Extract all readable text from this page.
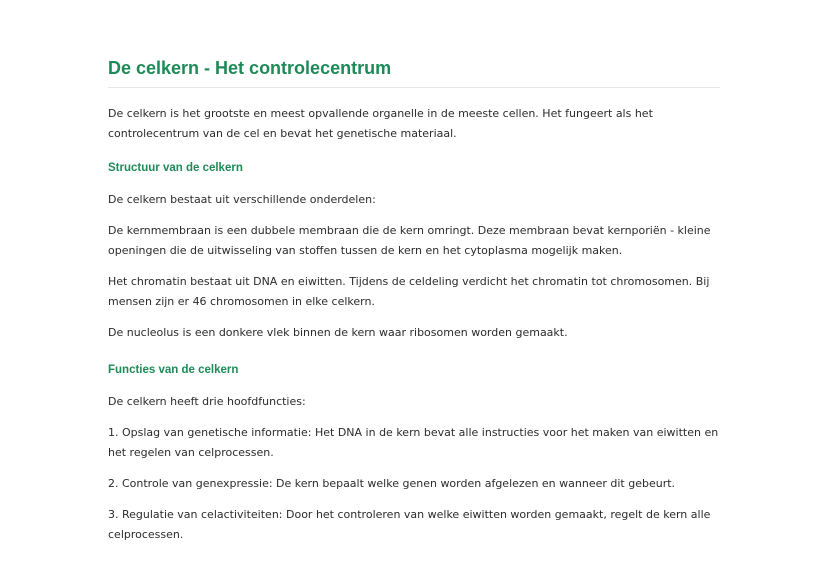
De celkern - Het controlecentrum

De celkern is het grootste en meest opvallende organelle in de meeste cellen. Het fungeert als het controlecentrum van de cel en bevat het genetische materiaal.

Structuur van de celkern

De celkern bestaat uit verschillende onderdelen:

De kernmembraan is een dubbele membraan die de kern omringt. Deze membraan bevat kernporiën - kleine openingen die de uitwisseling van stoffen tussen de kern en het cytoplasma mogelijk maken.

Het chromatin bestaat uit DNA en eiwitten. Tijdens de celdeling verdicht het chromatin tot chromosomen. Bij mensen zijn er 46 chromosomen in elke celkern.

De nucleolus is een donkere vlek binnen de kern waar ribosomen worden gemaakt.

Functies van de celkern

De celkern heeft drie hoofdfuncties:

1. Opslag van genetische informatie: Het DNA in de kern bevat alle instructies voor het maken van eiwitten en het regelen van celprocessen.

2. Controle van genexpressie: De kern bepaalt welke genen worden afgelezen en wanneer dit gebeurt.

3. Regulatie van celactiviteiten: Door het controleren van welke eiwitten worden gemaakt, regelt de kern alle celprocessen.
